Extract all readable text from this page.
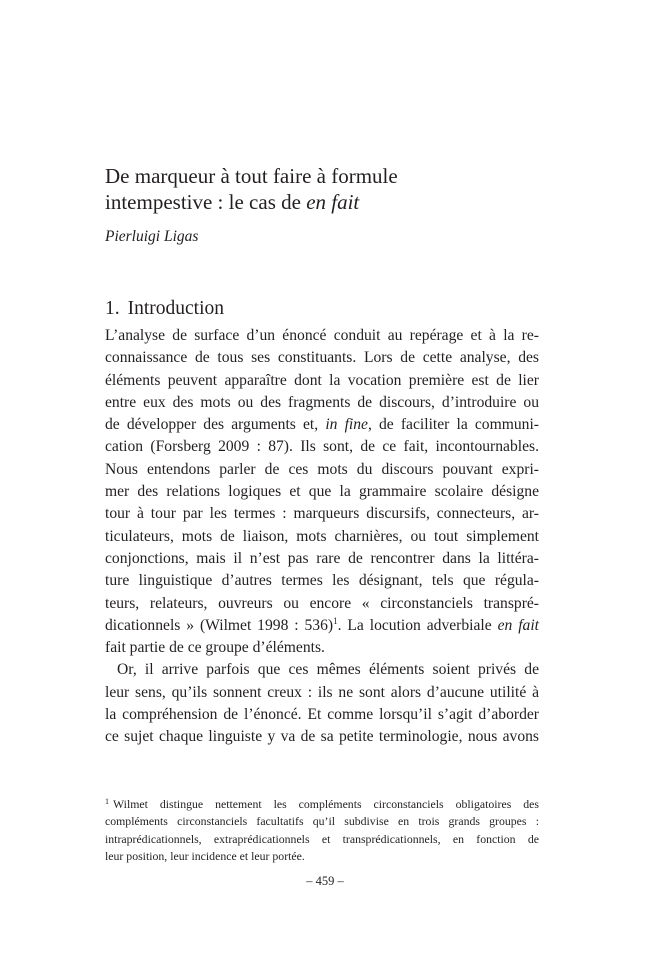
De marqueur à tout faire à formule
intempestive : le cas de en fait

Pierluigi Ligas

1. Introduction
L’analyse de surface d’un énoncé conduit au repérage et à la re-
connaissance de tous ses constituants. Lors de cette analyse, des
éléments peuvent apparaître dont la vocation première est de lier
entre eux des mots ou des fragments de discours, d’introduire ou
de développer des arguments et, in fine, de faciliter la communi-
cation (Forsberg 2009 : 87). Ils sont, de ce fait, incontournables.
Nous entendons parler de ces mots du discours pouvant expri-
mer des relations logiques et que la grammaire scolaire désigne
tour à tour par les termes : marqueurs discursifs, connecteurs, ar-
ticulateurs, mots de liaison, mots charnières, ou tout simplement
conjonctions, mais il n’est pas rare de rencontrer dans la littéra-
ture linguistique d’autres termes les désignant, tels que régula-
teurs, relateurs, ouvreurs ou encore « circonstanciels transpré-
dicationnels » (Wilmet 1998 : 536)$^1$. La locution adverbiale en fait
fait partie de ce groupe d’éléments.
Or, il arrive parfois que ces mêmes éléments soient privés de
leur sens, qu’ils sonnent creux : ils ne sont alors d’aucune utilité à
la compréhension de l’énoncé. Et comme lorsqu’il s’agit d’aborder
ce sujet chaque linguiste y va de sa petite terminologie, nous avons
$^1$ Wilmet distingue nettement les compléments circonstanciels obligatoires des
compléments circonstanciels facultatifs qu’il subdivise en trois grands groupes :
intraprédicationnels, extraprédicationnels et transprédicationnels, en fonction de
leur position, leur incidence et leur portée.
– 459 –
